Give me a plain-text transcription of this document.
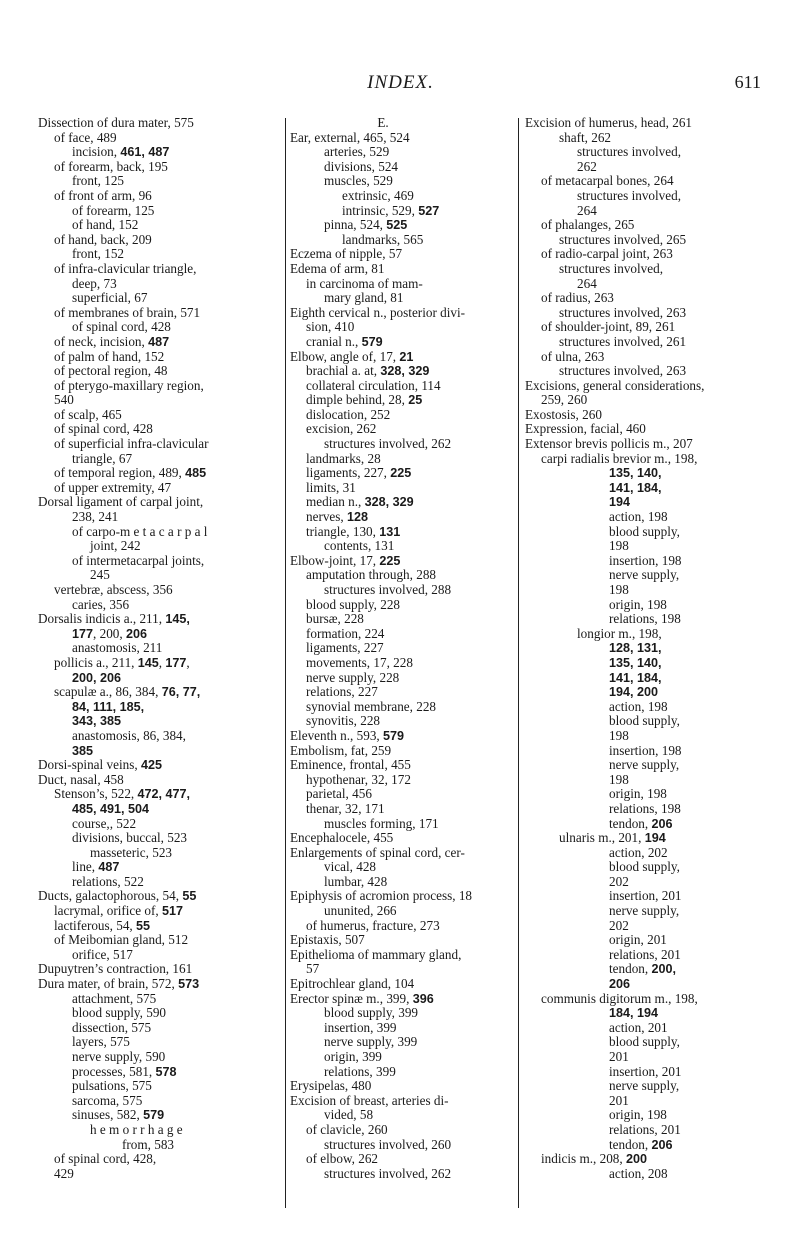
INDEX.	611
Dissection of dura mater, 575
of face, 489
incision, 461, 487
of forearm, back, 195
front, 125
of front of arm, 96
of forearm, 125
of hand, 152
of hand, back, 209
front, 152
of infra-clavicular triangle,
deep, 73
superficial, 67
of membranes of brain, 571
of spinal cord, 428
of neck, incision, 487
of palm of hand, 152
of pectoral region, 48
of pterygo-maxillary region,
540
of scalp, 465
of spinal cord, 428
of superficial infra-clavicular
triangle, 67
of temporal region, 489, 485
of upper extremity, 47
Dorsal ligament of carpal joint,
238, 241
of carpo-m e t a c a r p a l
joint, 242
of intermetacarpal joints,
245
vertebræ, abscess, 356
caries, 356
Dorsalis indicis a., 211, 145,
177, 200, 206
anastomosis, 211
pollicis a., 211, 145, 177,
200, 206
scapulæ a., 86, 384, 76, 77,
84, 111, 185,
343, 385
anastomosis, 86, 384,
385
Dorsi-spinal veins, 425
Duct, nasal, 458
Stenson’s, 522, 472, 477,
485, 491, 504
course,, 522
divisions, buccal, 523
masseteric, 523
line, 487
relations, 522
Ducts, galactophorous, 54, 55
lacrymal, orifice of, 517
lactiferous, 54, 55
of Meibomian gland, 512
orifice, 517
Dupuytren’s contraction, 161
Dura mater, of brain, 572, 573
attachment, 575
blood supply, 590
dissection, 575
layers, 575
nerve supply, 590
processes, 581, 578
pulsations, 575
sarcoma, 575
sinuses, 582, 579
h e m o r r h a g e
from, 583
of spinal cord, 428,
429
E.
Ear, external, 465, 524
arteries, 529
divisions, 524
muscles, 529
extrinsic, 469
intrinsic, 529, 527
pinna, 524, 525
landmarks, 565
Eczema of nipple, 57
Edema of arm, 81
in carcinoma of mam-
mary gland, 81
Eighth cervical n., posterior divi-
sion, 410
cranial n., 579
Elbow, angle of, 17, 21
brachial a. at, 328, 329
collateral circulation, 114
dimple behind, 28, 25
dislocation, 252
excision, 262
structures involved, 262
landmarks, 28
ligaments, 227, 225
limits, 31
median n., 328, 329
nerves, 128
triangle, 130, 131
contents, 131
Elbow-joint, 17, 225
amputation through, 288
structures involved, 288
blood supply, 228
bursæ, 228
formation, 224
ligaments, 227
movements, 17, 228
nerve supply, 228
relations, 227
synovial membrane, 228
synovitis, 228
Eleventh n., 593, 579
Embolism, fat, 259
Eminence, frontal, 455
hypothenar, 32, 172
parietal, 456
thenar, 32, 171
muscles forming, 171
Encephalocele, 455
Enlargements of spinal cord, cer-
vical, 428
lumbar, 428
Epiphysis of acromion process, 18
ununited, 266
of humerus, fracture, 273
Epistaxis, 507
Epithelioma of mammary gland,
57
Epitrochlear gland, 104
Erector spinæ m., 399, 396
blood supply, 399
insertion, 399
nerve supply, 399
origin, 399
relations, 399
Erysipelas, 480
Excision of breast, arteries di-
vided, 58
of clavicle, 260
structures involved, 260
of elbow, 262
structures involved, 262
Excision of humerus, head, 261
shaft, 262
structures involved,
262
of metacarpal bones, 264
structures involved,
264
of phalanges, 265
structures involved, 265
of radio-carpal joint, 263
structures involved,
264
of radius, 263
structures involved, 263
of shoulder-joint, 89, 261
structures involved, 261
of ulna, 263
structures involved, 263
Excisions, general considerations,
259, 260
Exostosis, 260
Expression, facial, 460
Extensor brevis pollicis m., 207
carpi radialis brevior m., 198,
135, 140,
141, 184,
194
action, 198
blood supply,
198
insertion, 198
nerve supply,
198
origin, 198
relations, 198
longior m., 198,
128, 131,
135, 140,
141, 184,
194, 200
action, 198
blood supply,
198
insertion, 198
nerve supply,
198
origin, 198
relations, 198
tendon, 206
ulnaris m., 201, 194
action, 202
blood supply,
202
insertion, 201
nerve supply,
202
origin, 201
relations, 201
tendon, 200,
206
communis digitorum m., 198,
184, 194
action, 201
blood supply,
201
insertion, 201
nerve supply,
201
origin, 198
relations, 201
tendon, 206
indicis m., 208, 200
action, 208
